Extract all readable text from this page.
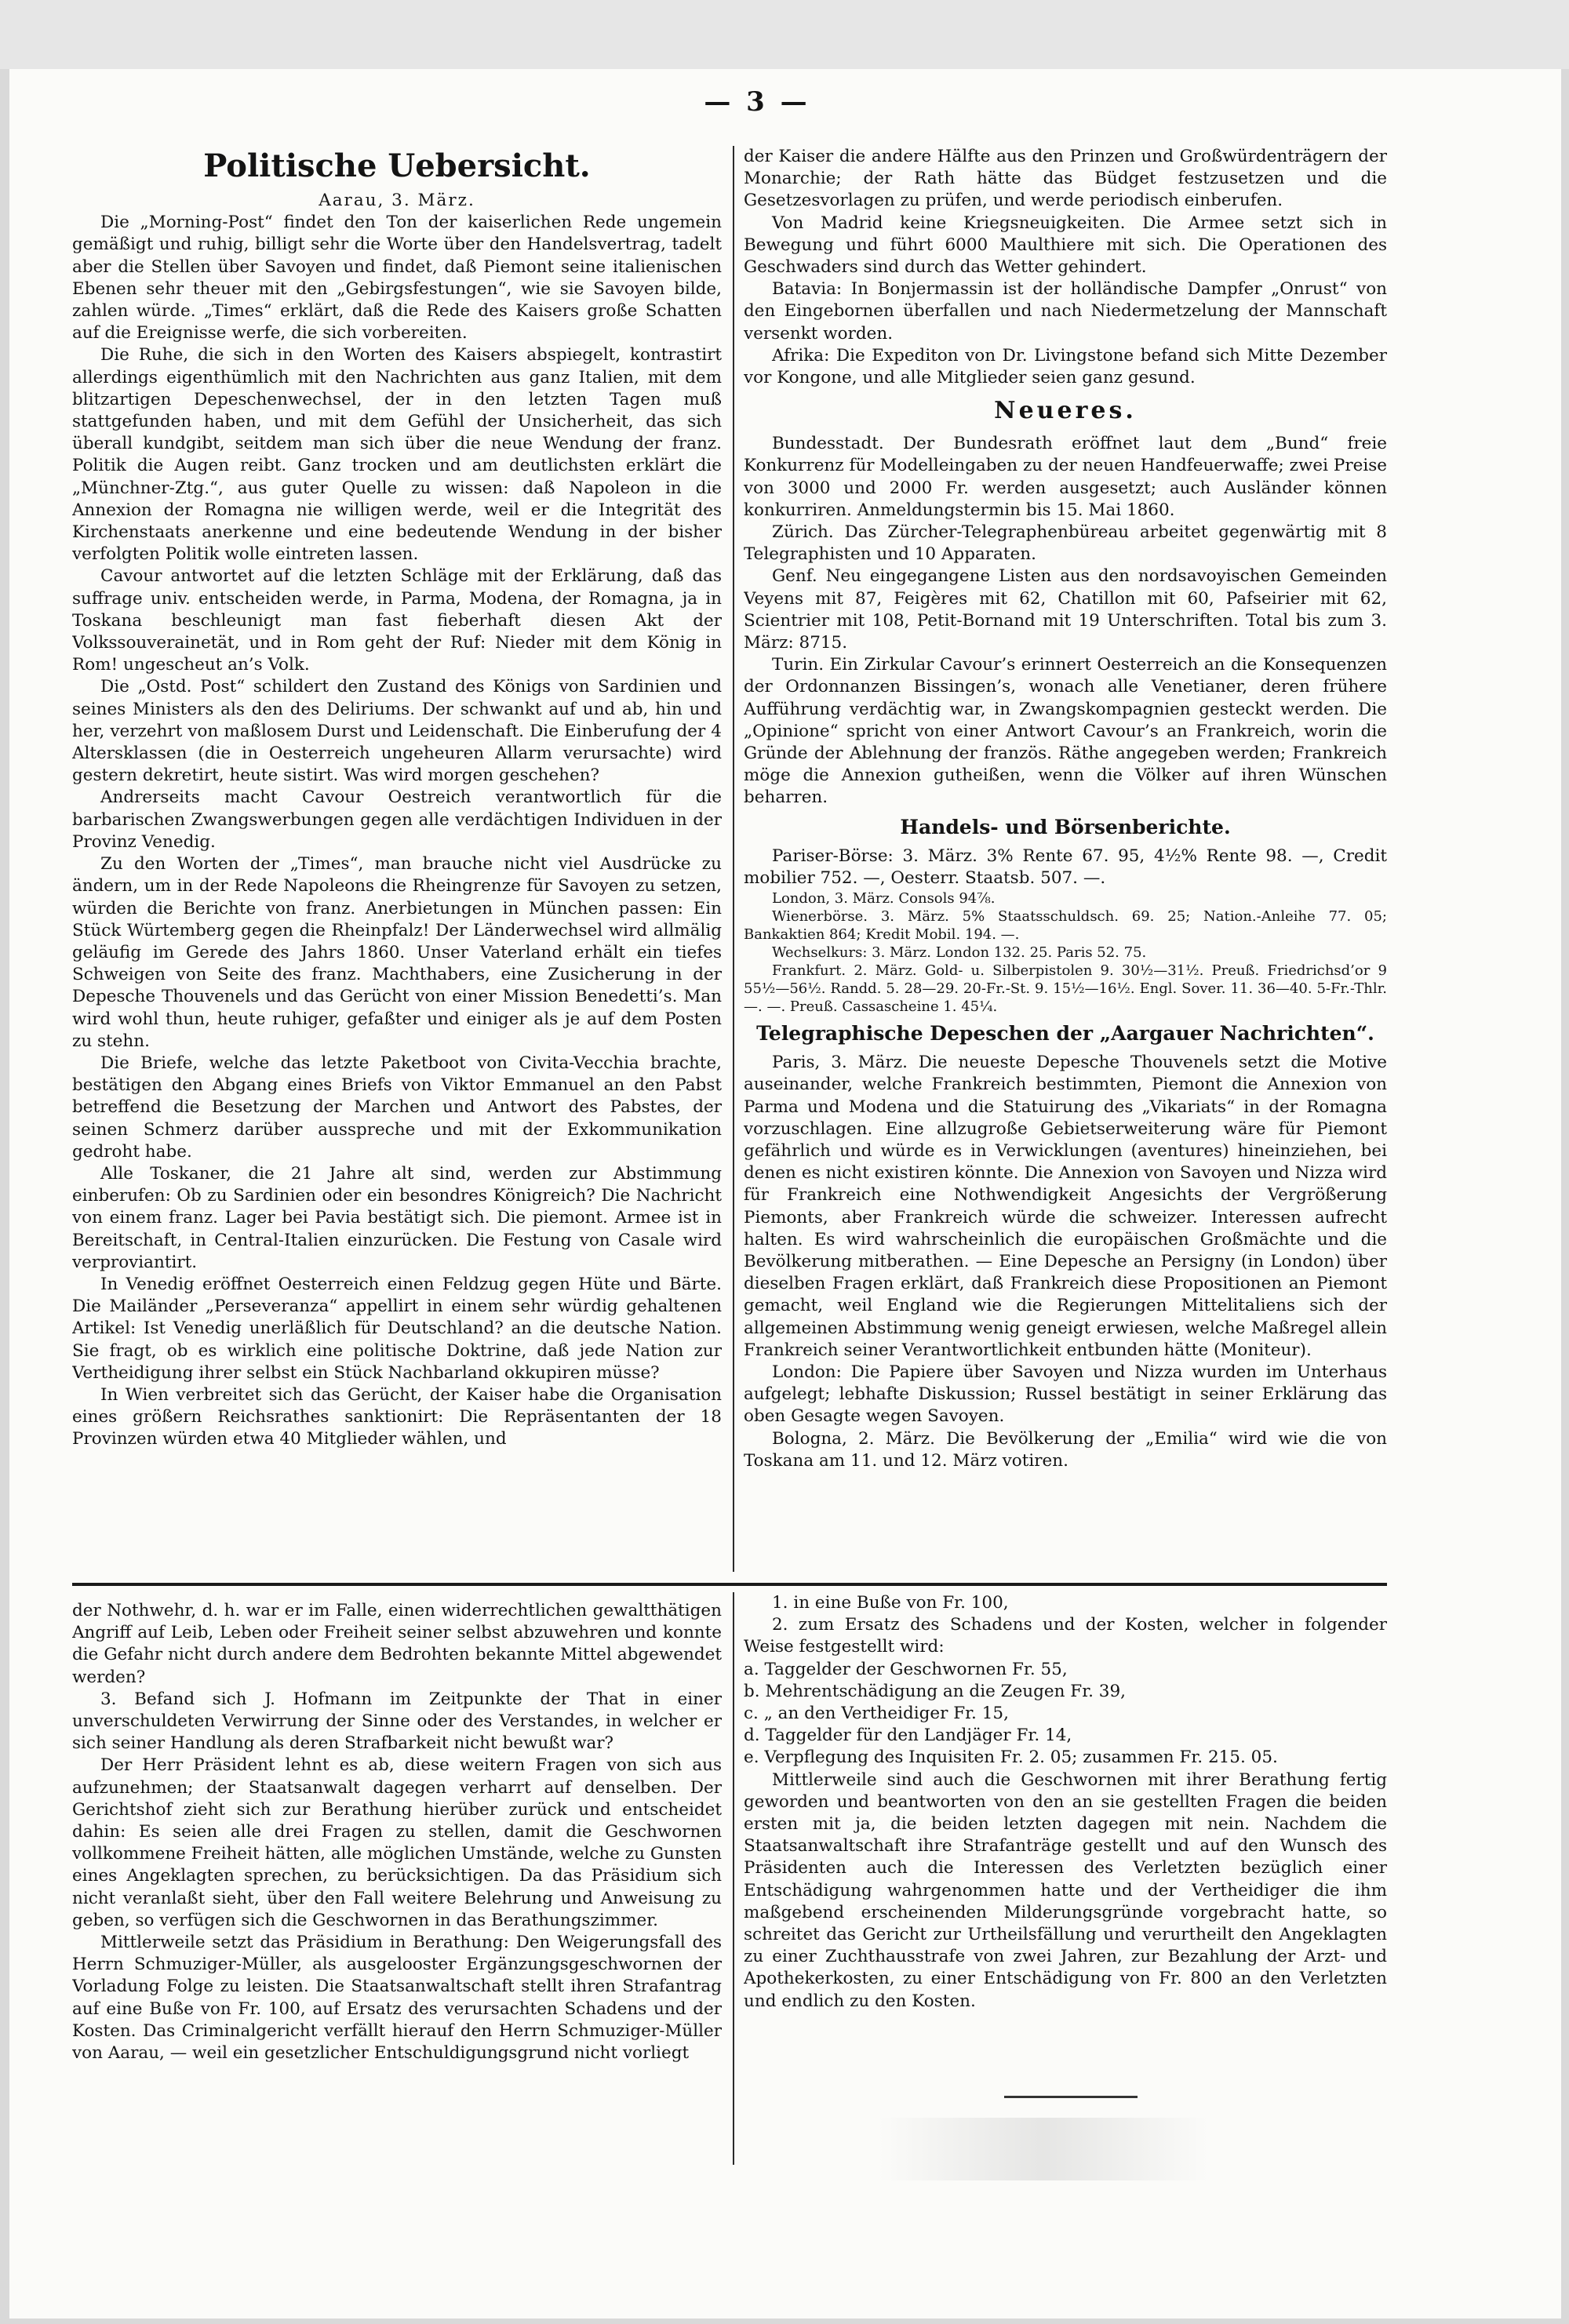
— 3 —
Politische Uebersicht.

Aarau, 3. März.

Die „Morning-Post“ findet den Ton der kaiserlichen Rede ungemein gemäßigt und ruhig, billigt sehr die Worte über den Handelsvertrag, tadelt aber die Stellen über Savoyen und findet, daß Piemont seine italienischen Ebenen sehr theuer mit den „Gebirgsfestungen“, wie sie Savoyen bilde, zahlen würde. „Times“ erklärt, daß die Rede des Kaisers große Schatten auf die Ereignisse werfe, die sich vorbereiten.

Die Ruhe, die sich in den Worten des Kaisers abspiegelt, kontrastirt allerdings eigenthümlich mit den Nachrichten aus ganz Italien, mit dem blitzartigen Depeschenwechsel, der in den letzten Tagen muß stattgefunden haben, und mit dem Gefühl der Unsicherheit, das sich überall kundgibt, seitdem man sich über die neue Wendung der franz. Politik die Augen reibt. Ganz trocken und am deutlichsten erklärt die „Münchner-Ztg.“, aus guter Quelle zu wissen: daß Napoleon in die Annexion der Romagna nie willigen werde, weil er die Integrität des Kirchenstaats anerkenne und eine bedeutende Wendung in der bisher verfolgten Politik wolle eintreten lassen.

Cavour antwortet auf die letzten Schläge mit der Erklärung, daß das suffrage univ. entscheiden werde, in Parma, Modena, der Romagna, ja in Toskana beschleunigt man fast fieberhaft diesen Akt der Volkssouverainetät, und in Rom geht der Ruf: Nieder mit dem König in Rom! ungescheut an’s Volk.

Die „Ostd. Post“ schildert den Zustand des Königs von Sardinien und seines Ministers als den des Deliriums. Der schwankt auf und ab, hin und her, verzehrt von maßlosem Durst und Leidenschaft. Die Einberufung der 4 Altersklassen (die in Oesterreich ungeheuren Allarm verursachte) wird gestern dekretirt, heute sistirt. Was wird morgen geschehen?

Andrerseits macht Cavour Oestreich verantwortlich für die barbarischen Zwangswerbungen gegen alle verdächtigen Individuen in der Provinz Venedig.

Zu den Worten der „Times“, man brauche nicht viel Ausdrücke zu ändern, um in der Rede Napoleons die Rheingrenze für Savoyen zu setzen, würden die Berichte von franz. Anerbietungen in München passen: Ein Stück Würtemberg gegen die Rheinpfalz! Der Länderwechsel wird allmälig geläufig im Gerede des Jahrs 1860. Unser Vaterland erhält ein tiefes Schweigen von Seite des franz. Machthabers, eine Zusicherung in der Depesche Thouvenels und das Gerücht von einer Mission Benedetti’s. Man wird wohl thun, heute ruhiger, gefaßter und einiger als je auf dem Posten zu stehn.

Die Briefe, welche das letzte Paketboot von Civita-Vecchia brachte, bestätigen den Abgang eines Briefs von Viktor Emmanuel an den Pabst betreffend die Besetzung der Marchen und Antwort des Pabstes, der seinen Schmerz darüber ausspreche und mit der Exkommunikation gedroht habe.

Alle Toskaner, die 21 Jahre alt sind, werden zur Abstimmung einberufen: Ob zu Sardinien oder ein besondres Königreich? Die Nachricht von einem franz. Lager bei Pavia bestätigt sich. Die piemont. Armee ist in Bereitschaft, in Central-Italien einzurücken. Die Festung von Casale wird verproviantirt.

In Venedig eröffnet Oesterreich einen Feldzug gegen Hüte und Bärte. Die Mailänder „Perseveranza“ appellirt in einem sehr würdig gehaltenen Artikel: Ist Venedig unerläßlich für Deutschland? an die deutsche Nation. Sie fragt, ob es wirklich eine politische Doktrine, daß jede Nation zur Vertheidigung ihrer selbst ein Stück Nachbarland okkupiren müsse?

In Wien verbreitet sich das Gerücht, der Kaiser habe die Organisation eines größern Reichsrathes sanktionirt: Die Repräsentanten der 18 Provinzen würden etwa 40 Mitglieder wählen, und

der Kaiser die andere Hälfte aus den Prinzen und Großwürdenträgern der Monarchie; der Rath hätte das Büdget festzusetzen und die Gesetzesvorlagen zu prüfen, und werde periodisch einberufen.

Von Madrid keine Kriegsneuigkeiten. Die Armee setzt sich in Bewegung und führt 6000 Maulthiere mit sich. Die Operationen des Geschwaders sind durch das Wetter gehindert.

Batavia: In Bonjermassin ist der holländische Dampfer „Onrust“ von den Eingebornen überfallen und nach Niedermetzelung der Mannschaft versenkt worden.

Afrika: Die Expediton von Dr. Livingstone befand sich Mitte Dezember vor Kongone, und alle Mitglieder seien ganz gesund.

Neueres.

Bundesstadt. Der Bundesrath eröffnet laut dem „Bund“ freie Konkurrenz für Modelleingaben zu der neuen Handfeuerwaffe; zwei Preise von 3000 und 2000 Fr. werden ausgesetzt; auch Ausländer können konkurriren. Anmeldungstermin bis 15. Mai 1860.

Zürich. Das Zürcher-Telegraphenbüreau arbeitet gegenwärtig mit 8 Telegraphisten und 10 Apparaten.

Genf. Neu eingegangene Listen aus den nordsavoyischen Gemeinden Veyens mit 87, Feigères mit 62, Chatillon mit 60, Pafseirier mit 62, Scientrier mit 108, Petit-Bornand mit 19 Unterschriften. Total bis zum 3. März: 8715.

Turin. Ein Zirkular Cavour’s erinnert Oesterreich an die Konsequenzen der Ordonnanzen Bissingen’s, wonach alle Venetianer, deren frühere Aufführung verdächtig war, in Zwangskompagnien gesteckt werden. Die „Opinione“ spricht von einer Antwort Cavour’s an Frankreich, worin die Gründe der Ablehnung der französ. Räthe angegeben werden; Frankreich möge die Annexion gutheißen, wenn die Völker auf ihren Wünschen beharren.

Handels- und Börsenberichte.

Pariser-Börse: 3. März. 3% Rente 67. 95, 4½% Rente 98. —, Credit mobilier 752. —, Oesterr. Staatsb. 507. —.

London, 3. März. Consols 94⅞.

Wienerbörse. 3. März. 5% Staatsschuldsch. 69. 25; Nation.-Anleihe 77. 05; Bankaktien 864; Kredit Mobil. 194. —.

Wechselkurs: 3. März. London 132. 25. Paris 52. 75.

Frankfurt. 2. März. Gold- u. Silberpistolen 9. 30½—31½. Preuß. Friedrichsd’or 9 55½—56½. Randd. 5. 28—29. 20-Fr.-St. 9. 15½—16½. Engl. Sover. 11. 36—40. 5-Fr.-Thlr. —. —. Preuß. Cassascheine 1. 45¼.

Telegraphische Depeschen der „Aargauer Nachrichten“.

Paris, 3. März. Die neueste Depesche Thouvenels setzt die Motive auseinander, welche Frankreich bestimmten, Piemont die Annexion von Parma und Modena und die Statuirung des „Vikariats“ in der Romagna vorzuschlagen. Eine allzugroße Gebietserweiterung wäre für Piemont gefährlich und würde es in Verwicklungen (aventures) hineinziehen, bei denen es nicht existiren könnte. Die Annexion von Savoyen und Nizza wird für Frankreich eine Nothwendigkeit Angesichts der Vergrößerung Piemonts, aber Frankreich würde die schweizer. Interessen aufrecht halten. Es wird wahrscheinlich die europäischen Großmächte und die Bevölkerung mitberathen. — Eine Depesche an Persigny (in London) über dieselben Fragen erklärt, daß Frankreich diese Propositionen an Piemont gemacht, weil England wie die Regierungen Mittelitaliens sich der allgemeinen Abstimmung wenig geneigt erwiesen, welche Maßregel allein Frankreich seiner Verantwortlichkeit entbunden hätte (Moniteur).

London: Die Papiere über Savoyen und Nizza wurden im Unterhaus aufgelegt; lebhafte Diskussion; Russel bestätigt in seiner Erklärung das oben Gesagte wegen Savoyen.

Bologna, 2. März. Die Bevölkerung der „Emilia“ wird wie die von Toskana am 11. und 12. März votiren.

der Nothwehr, d. h. war er im Falle, einen widerrechtlichen gewaltthätigen Angriff auf Leib, Leben oder Freiheit seiner selbst abzuwehren und konnte die Gefahr nicht durch andere dem Bedrohten bekannte Mittel abgewendet werden?

3. Befand sich J. Hofmann im Zeitpunkte der That in einer unverschuldeten Verwirrung der Sinne oder des Verstandes, in welcher er sich seiner Handlung als deren Strafbarkeit nicht bewußt war?

Der Herr Präsident lehnt es ab, diese weitern Fragen von sich aus aufzunehmen; der Staatsanwalt dagegen verharrt auf denselben. Der Gerichtshof zieht sich zur Berathung hierüber zurück und entscheidet dahin: Es seien alle drei Fragen zu stellen, damit die Geschwornen vollkommene Freiheit hätten, alle möglichen Umstände, welche zu Gunsten eines Angeklagten sprechen, zu berücksichtigen. Da das Präsidium sich nicht veranlaßt sieht, über den Fall weitere Belehrung und Anweisung zu geben, so verfügen sich die Geschwornen in das Berathungszimmer.

Mittlerweile setzt das Präsidium in Berathung: Den Weigerungsfall des Herrn Schmuziger-Müller, als ausgelooster Ergänzungsgeschwornen der Vorladung Folge zu leisten. Die Staatsanwaltschaft stellt ihren Strafantrag auf eine Buße von Fr. 100, auf Ersatz des verursachten Schadens und der Kosten. Das Criminalgericht verfällt hierauf den Herrn Schmuziger-Müller von Aarau, — weil ein gesetzlicher Entschuldigungsgrund nicht vorliegt

1. in eine Buße von Fr. 100,

2. zum Ersatz des Schadens und der Kosten, welcher in folgender Weise festgestellt wird:

a. Taggelder der Geschwornen Fr. 55,

b. Mehrentschädigung an die Zeugen Fr. 39,

c. „ an den Vertheidiger Fr. 15,

d. Taggelder für den Landjäger Fr. 14,

e. Verpflegung des Inquisiten Fr. 2. 05; zusammen Fr. 215. 05.

Mittlerweile sind auch die Geschwornen mit ihrer Berathung fertig geworden und beantworten von den an sie gestellten Fragen die beiden ersten mit ja, die beiden letzten dagegen mit nein. Nachdem die Staatsanwaltschaft ihre Strafanträge gestellt und auf den Wunsch des Präsidenten auch die Interessen des Verletzten bezüglich einer Entschädigung wahrgenommen hatte und der Vertheidiger die ihm maßgebend erscheinenden Milderungsgründe vorgebracht hatte, so schreitet das Gericht zur Urtheilsfällung und verurtheilt den Angeklagten zu einer Zuchthausstrafe von zwei Jahren, zur Bezahlung der Arzt- und Apothekerkosten, zu einer Entschädigung von Fr. 800 an den Verletzten und endlich zu den Kosten.
